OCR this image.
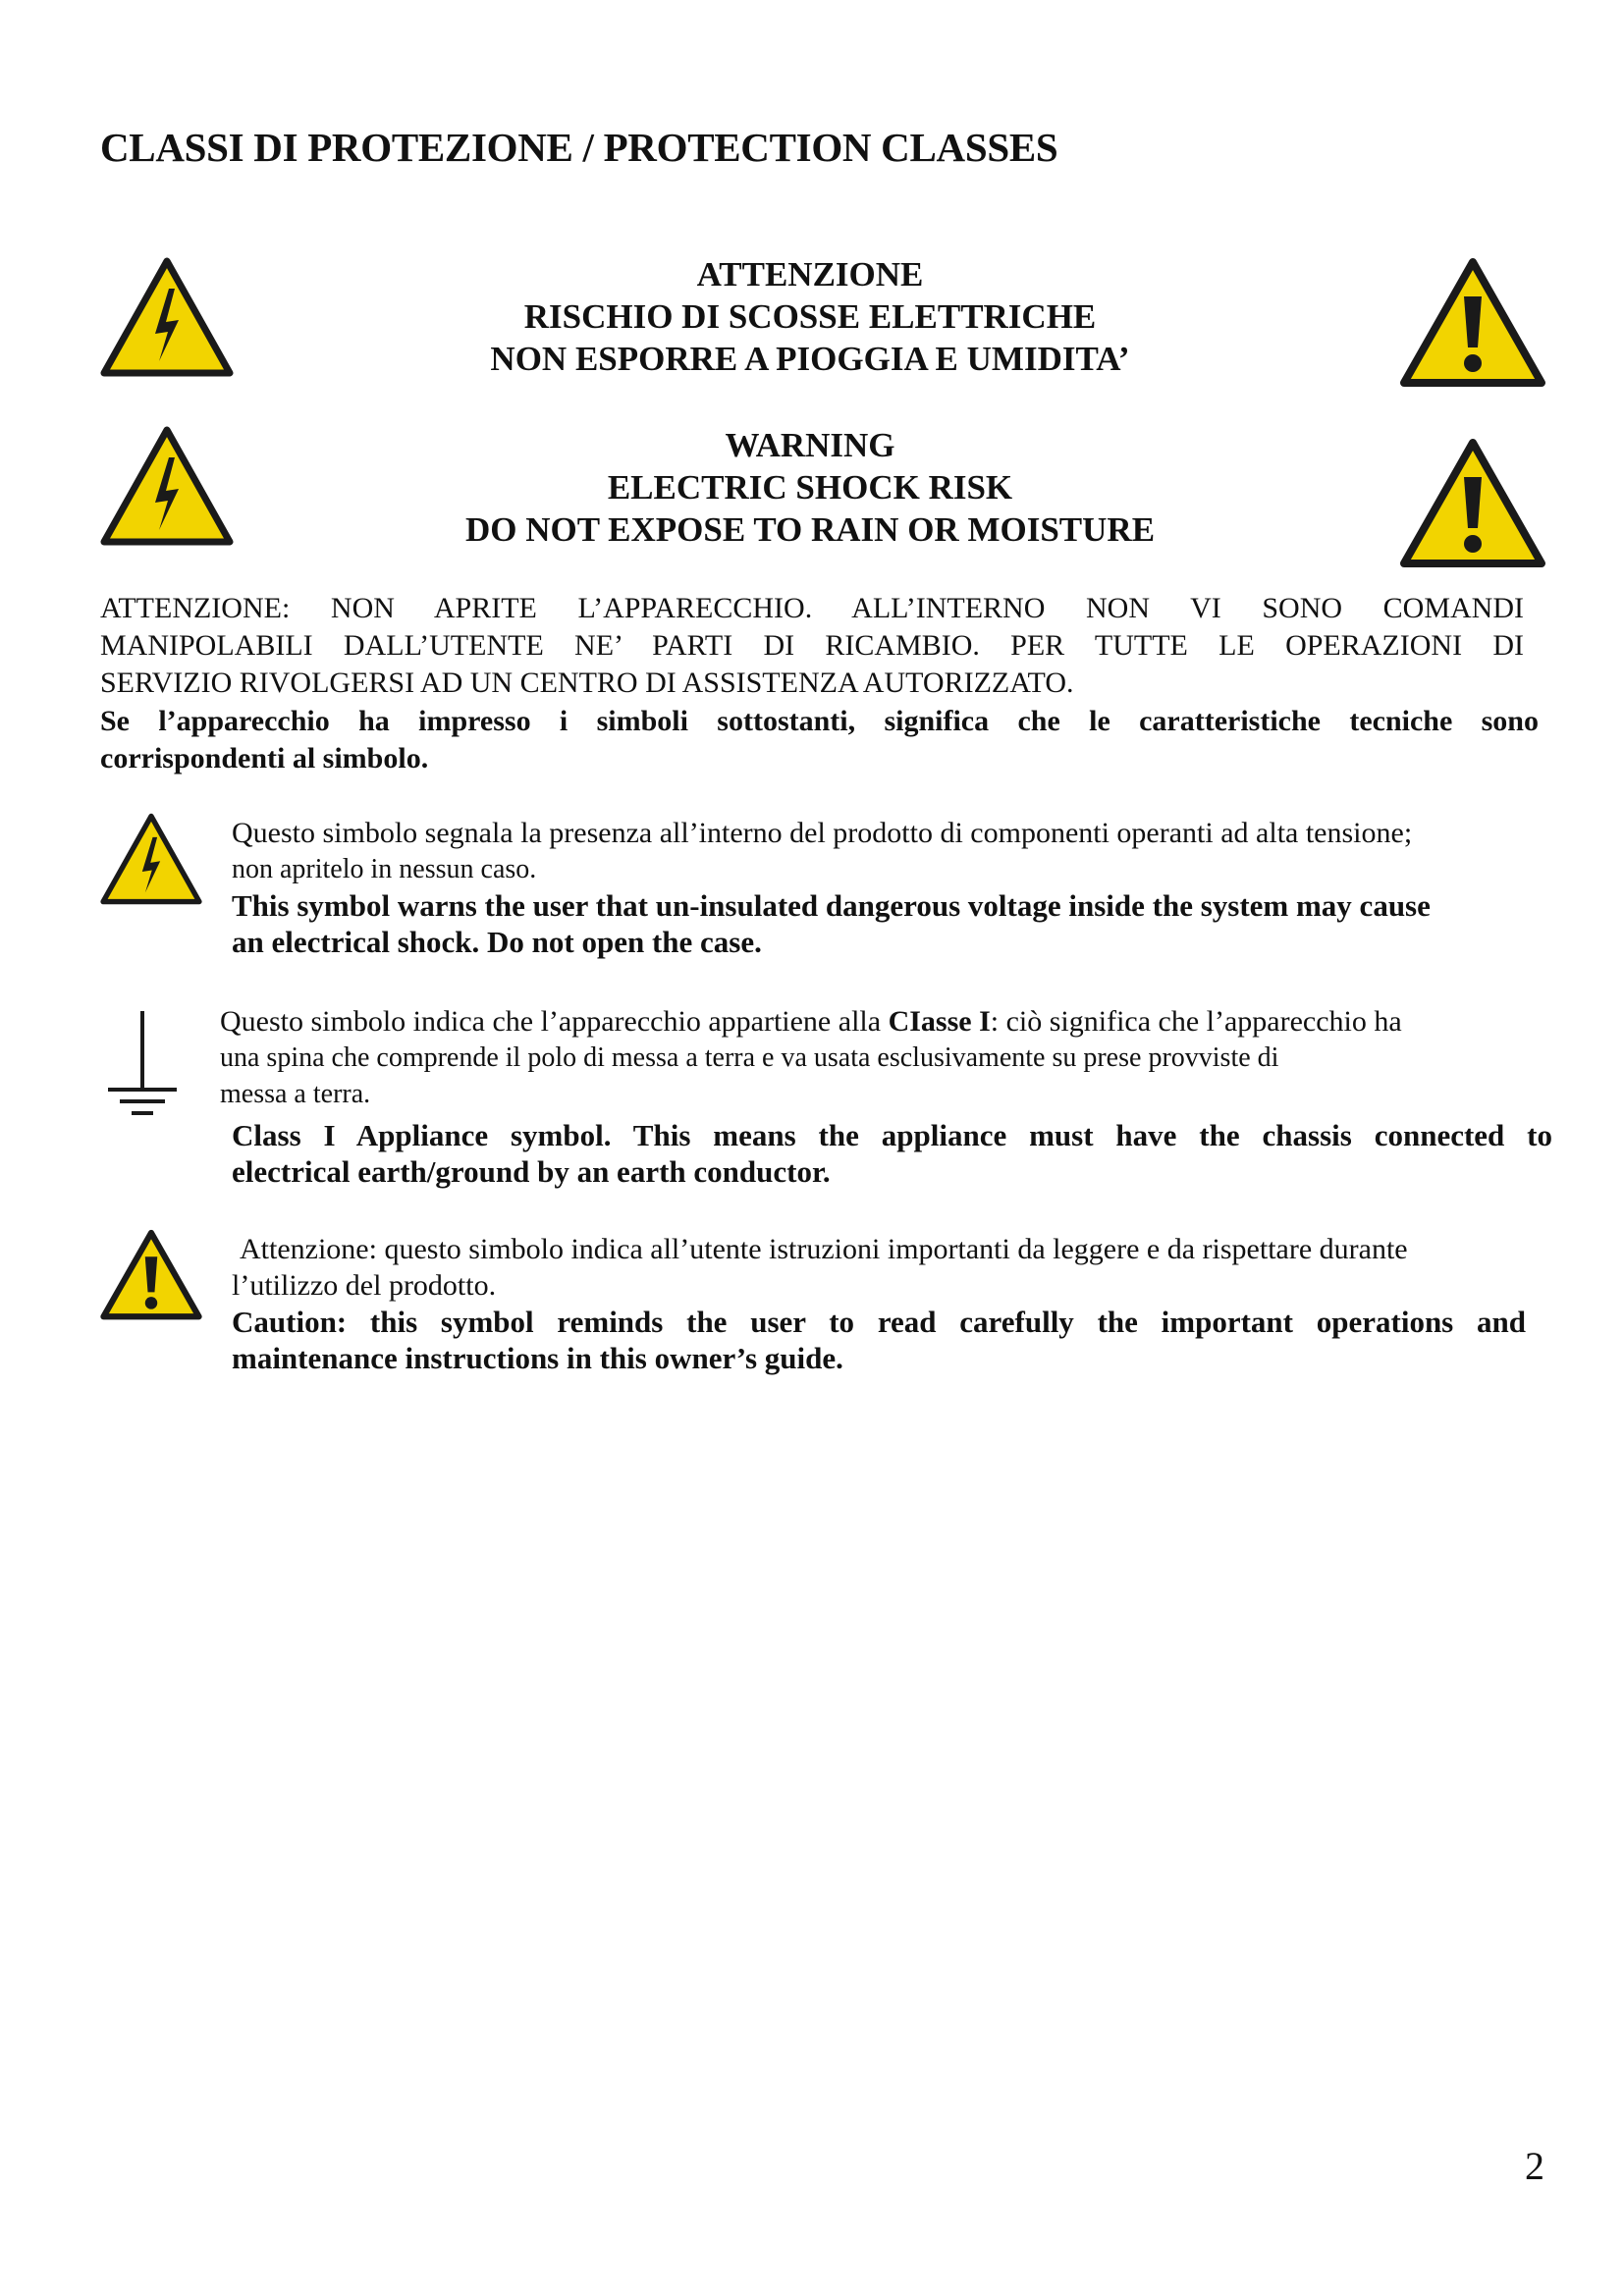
CLASSI DI PROTEZIONE / PROTECTION CLASSES
ATTENZIONE
RISCHIO DI SCOSSE ELETTRICHE
NON ESPORRE A PIOGGIA E UMIDITA’
WARNING
ELECTRIC SHOCK RISK
DO NOT EXPOSE TO RAIN OR MOISTURE
ATTENZIONE: NON APRITE L’APPARECCHIO. ALL’INTERNO NON VI SONO COMANDI
MANIPOLABILI DALL’UTENTE NE’ PARTI DI RICAMBIO. PER TUTTE LE OPERAZIONI DI
SERVIZIO RIVOLGERSI AD UN CENTRO DI ASSISTENZA AUTORIZZATO.
Se l’apparecchio ha impresso i simboli sottostanti, significa che le caratteristiche tecniche sono
corrispondenti al simbolo.
Questo simbolo segnala la presenza all’interno del prodotto di componenti operanti ad alta tensione;
non apritelo in nessun caso.
This symbol warns the user that un-insulated dangerous voltage inside the system may cause
an electrical shock. Do not open the case.
Questo simbolo indica che l’apparecchio appartiene alla CIasse I: ciò significa che l’apparecchio ha
una spina che comprende il polo di messa a terra e va usata esclusivamente su prese provviste di
messa a terra.
Class I Appliance symbol. This means the appliance must have the chassis connected to
electrical earth/ground by an earth conductor.
Attenzione: questo simbolo indica all’utente istruzioni importanti da leggere e da rispettare durante
l’utilizzo del prodotto.
Caution: this symbol reminds the user to read carefully the important operations and
maintenance instructions in this owner’s guide.
2
